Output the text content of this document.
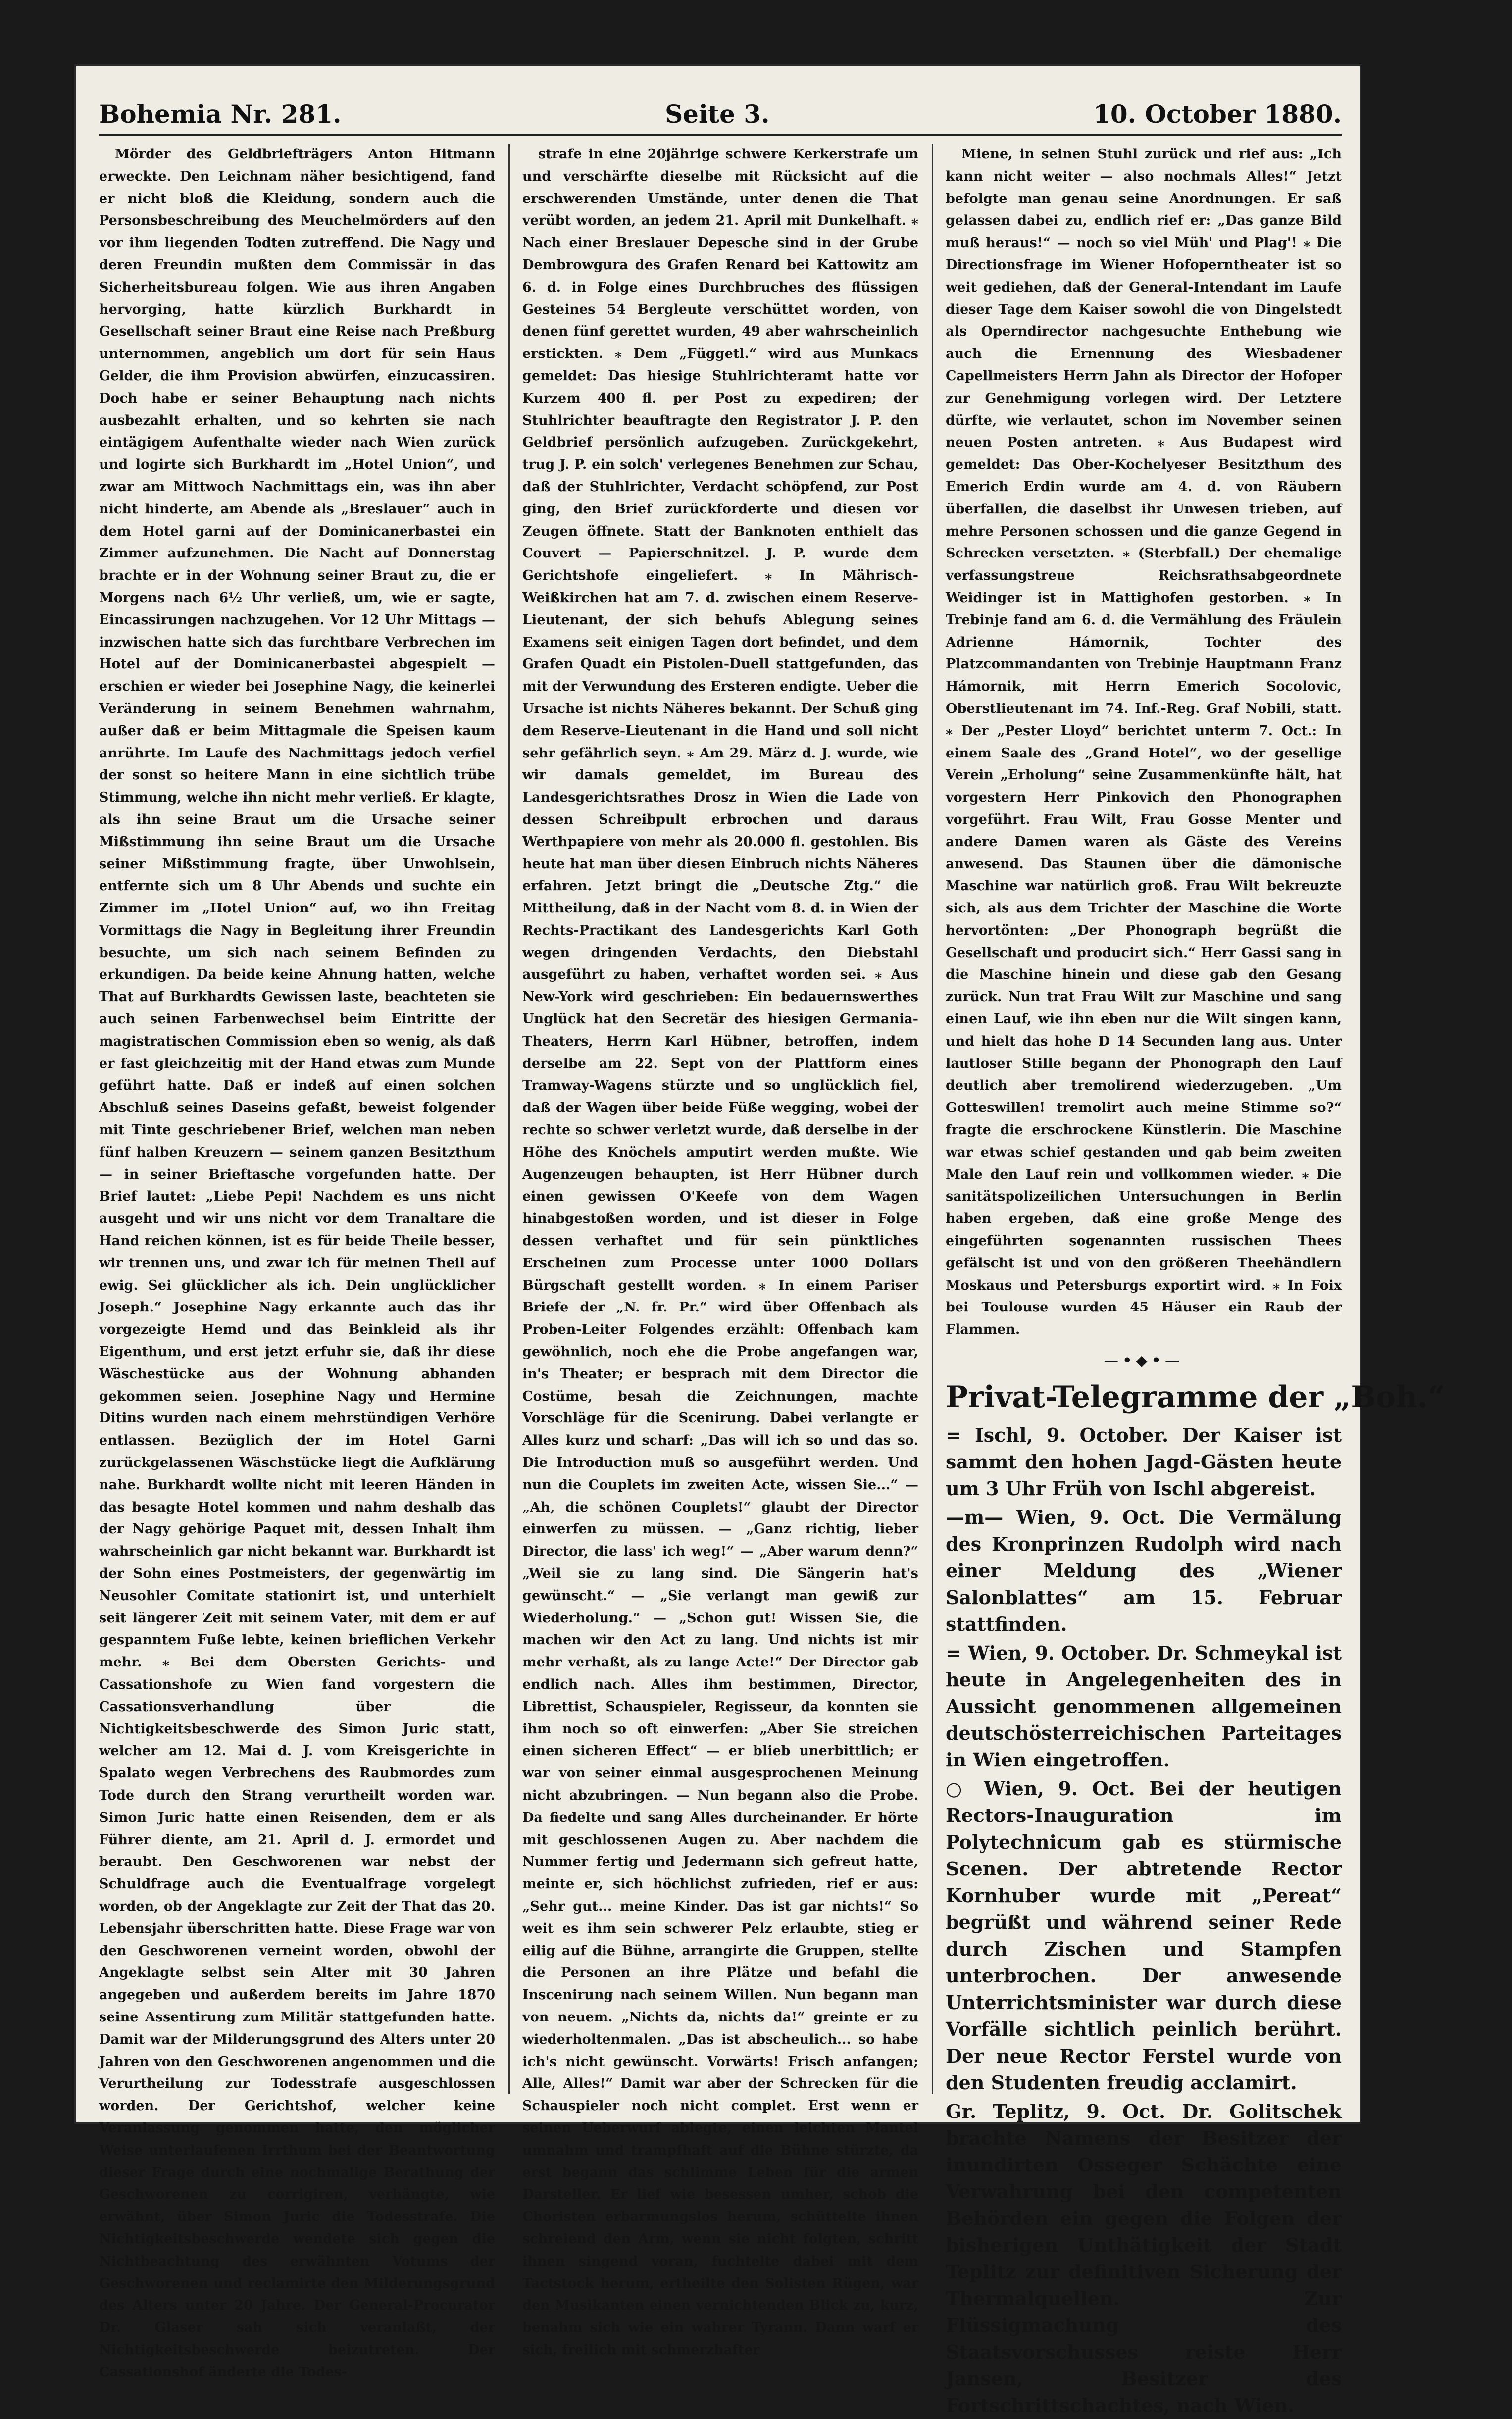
Bohemia Nr. 281.	Seite 3.	10. October 1880.

Mörder des Geldbriefträgers Anton Hitmann erweckte. Den Leichnam näher besichtigend, fand er nicht bloß die Kleidung, sondern auch die Personsbeschreibung des Meuchelmörders auf den vor ihm liegenden Todten zutreffend. Die Nagy und deren Freundin mußten dem Commissär in das Sicherheitsbureau folgen. Wie aus ihren Angaben hervorging, hatte kürzlich Burkhardt in Gesellschaft seiner Braut eine Reise nach Preßburg unternommen, angeblich um dort für sein Haus Gelder, die ihm Provision abwürfen, einzucassiren. Doch habe er seiner Behauptung nach nichts ausbezahlt erhalten, und so kehrten sie nach eintägigem Aufenthalte wieder nach Wien zurück und logirte sich Burkhardt im „Hotel Union“, und zwar am Mittwoch Nachmittags ein, was ihn aber nicht hinderte, am Abende als „Breslauer“ auch in dem Hotel garni auf der Dominicanerbastei ein Zimmer aufzunehmen. Die Nacht auf Donnerstag brachte er in der Wohnung seiner Braut zu, die er Morgens nach 6½ Uhr verließ, um, wie er sagte, Eincassirungen nachzugehen. Vor 12 Uhr Mittags — inzwischen hatte sich das furchtbare Verbrechen im Hotel auf der Dominicanerbastei abgespielt — erschien er wieder bei Josephine Nagy, die keinerlei Veränderung in seinem Benehmen wahrnahm, außer daß er beim Mittagmale die Speisen kaum anrührte. Im Laufe des Nachmittags jedoch verfiel der sonst so heitere Mann in eine sichtlich trübe Stimmung, welche ihn nicht mehr verließ. Er klagte, als ihn seine Braut um die Ursache seiner Mißstimmung ihn seine Braut um die Ursache seiner Mißstimmung fragte, über Unwohlsein, entfernte sich um 8 Uhr Abends und suchte ein Zimmer im „Hotel Union“ auf, wo ihn Freitag Vormittags die Nagy in Begleitung ihrer Freundin besuchte, um sich nach seinem Befinden zu erkundigen. Da beide keine Ahnung hatten, welche That auf Burkhardts Gewissen laste, beachteten sie auch seinen Farbenwechsel beim Eintritte der magistratischen Commission eben so wenig, als daß er fast gleichzeitig mit der Hand etwas zum Munde geführt hatte. Daß er indeß auf einen solchen Abschluß seines Daseins gefaßt, beweist folgender mit Tinte geschriebener Brief, welchen man neben fünf halben Kreuzern — seinem ganzen Besitzthum — in seiner Brieftasche vorgefunden hatte. Der Brief lautet: „Liebe Pepi! Nachdem es uns nicht ausgeht und wir uns nicht vor dem Tranaltare die Hand reichen können, ist es für beide Theile besser, wir trennen uns, und zwar ich für meinen Theil auf ewig. Sei glücklicher als ich. Dein unglücklicher Joseph.“ Josephine Nagy erkannte auch das ihr vorgezeigte Hemd und das Beinkleid als ihr Eigenthum, und erst jetzt erfuhr sie, daß ihr diese Wäschestücke aus der Wohnung abhanden gekommen seien. Josephine Nagy und Hermine Ditins wurden nach einem mehrstündigen Verhöre entlassen. Bezüglich der im Hotel Garni zurückgelassenen Wäschstücke liegt die Aufklärung nahe. Burkhardt wollte nicht mit leeren Händen in das besagte Hotel kommen und nahm deshalb das der Nagy gehörige Paquet mit, dessen Inhalt ihm wahrscheinlich gar nicht bekannt war. Burkhardt ist der Sohn eines Postmeisters, der gegenwärtig im Neusohler Comitate stationirt ist, und unterhielt seit längerer Zeit mit seinem Vater, mit dem er auf gespanntem Fuße lebte, keinen brieflichen Verkehr mehr. ⁎ Bei dem Obersten Gerichts- und Cassationshofe zu Wien fand vorgestern die Cassationsverhandlung über die Nichtigkeitsbeschwerde des Simon Juric statt, welcher am 12. Mai d. J. vom Kreisgerichte in Spalato wegen Verbrechens des Raubmordes zum Tode durch den Strang verurtheilt worden war. Simon Juric hatte einen Reisenden, dem er als Führer diente, am 21. April d. J. ermordet und beraubt. Den Geschworenen war nebst der Schuldfrage auch die Eventualfrage vorgelegt worden, ob der Angeklagte zur Zeit der That das 20. Lebensjahr überschritten hatte. Diese Frage war von den Geschworenen verneint worden, obwohl der Angeklagte selbst sein Alter mit 30 Jahren angegeben und außerdem bereits im Jahre 1870 seine Assentirung zum Militär stattgefunden hatte. Damit war der Milderungsgrund des Alters unter 20 Jahren von den Geschworenen angenommen und die Verurtheilung zur Todesstrafe ausgeschlossen worden. Der Gerichtshof, welcher keine Veranlassung genommen hatte, den möglicher Weise unterlaufenen Irrthum bei der Beantwortung dieser Frage durch eine nochmalige Berathung der Geschworenen zu corrigiren, verhängte, wie erwähnt, über Simon Juric die Todesstrafe. Die Nichtigkeitsbeschwerde wendete sich gegen die Nichtbeachtung des erwähnten Votums der Geschworenen und reclamirte den Milderungsgrund des Alters unter 20 Jahre. Der General-Procurator Dr. Glaser sah sich veranlaßt, der Nichtigkeitsbeschwerde beizutreten. Der Cassationshof änderte die Todes-

strafe in eine 20jährige schwere Kerkerstrafe um und verschärfte dieselbe mit Rücksicht auf die erschwerenden Umstände, unter denen die That verübt worden, an jedem 21. April mit Dunkelhaft. ⁎ Nach einer Breslauer Depesche sind in der Grube Dembrowgura des Grafen Renard bei Kattowitz am 6. d. in Folge eines Durchbruches des flüssigen Gesteines 54 Bergleute verschüttet worden, von denen fünf gerettet wurden, 49 aber wahrscheinlich erstickten. ⁎ Dem „Függetl.“ wird aus Munkacs gemeldet: Das hiesige Stuhlrichteramt hatte vor Kurzem 400 fl. per Post zu expediren; der Stuhlrichter beauftragte den Registrator J. P. den Geldbrief persönlich aufzugeben. Zurückgekehrt, trug J. P. ein solch' verlegenes Benehmen zur Schau, daß der Stuhlrichter, Verdacht schöpfend, zur Post ging, den Brief zurückforderte und diesen vor Zeugen öffnete. Statt der Banknoten enthielt das Couvert — Papierschnitzel. J. P. wurde dem Gerichtshofe eingeliefert. ⁎ In Mährisch-Weißkirchen hat am 7. d. zwischen einem Reserve-Lieutenant, der sich behufs Ablegung seines Examens seit einigen Tagen dort befindet, und dem Grafen Quadt ein Pistolen-Duell stattgefunden, das mit der Verwundung des Ersteren endigte. Ueber die Ursache ist nichts Näheres bekannt. Der Schuß ging dem Reserve-Lieutenant in die Hand und soll nicht sehr gefährlich seyn. ⁎ Am 29. März d. J. wurde, wie wir damals gemeldet, im Bureau des Landesgerichtsrathes Drosz in Wien die Lade von dessen Schreibpult erbrochen und daraus Werthpapiere von mehr als 20.000 fl. gestohlen. Bis heute hat man über diesen Einbruch nichts Näheres erfahren. Jetzt bringt die „Deutsche Ztg.“ die Mittheilung, daß in der Nacht vom 8. d. in Wien der Rechts-Practikant des Landesgerichts Karl Goth wegen dringenden Verdachts, den Diebstahl ausgeführt zu haben, verhaftet worden sei. ⁎ Aus New-York wird geschrieben: Ein bedauernswerthes Unglück hat den Secretär des hiesigen Germania-Theaters, Herrn Karl Hübner, betroffen, indem derselbe am 22. Sept von der Plattform eines Tramway-Wagens stürzte und so unglücklich fiel, daß der Wagen über beide Füße wegging, wobei der rechte so schwer verletzt wurde, daß derselbe in der Höhe des Knöchels amputirt werden mußte. Wie Augenzeugen behaupten, ist Herr Hübner durch einen gewissen O'Keefe von dem Wagen hinabgestoßen worden, und ist dieser in Folge dessen verhaftet und für sein pünktliches Erscheinen zum Processe unter 1000 Dollars Bürgschaft gestellt worden. ⁎ In einem Pariser Briefe der „N. fr. Pr.“ wird über Offenbach als Proben-Leiter Folgendes erzählt: Offenbach kam gewöhnlich, noch ehe die Probe angefangen war, in's Theater; er besprach mit dem Director die Costüme, besah die Zeichnungen, machte Vorschläge für die Scenirung. Dabei verlangte er Alles kurz und scharf: „Das will ich so und das so. Die Introduction muß so ausgeführt werden. Und nun die Couplets im zweiten Acte, wissen Sie...“ — „Ah, die schönen Couplets!“ glaubt der Director einwerfen zu müssen. — „Ganz richtig, lieber Director, die lass' ich weg!“ — „Aber warum denn?“ „Weil sie zu lang sind. Die Sängerin hat's gewünscht.“ — „Sie verlangt man gewiß zur Wiederholung.“ — „Schon gut! Wissen Sie, die machen wir den Act zu lang. Und nichts ist mir mehr verhaßt, als zu lange Acte!“ Der Director gab endlich nach. Alles ihm bestimmen, Director, Librettist, Schauspieler, Regisseur, da konnten sie ihm noch so oft einwerfen: „Aber Sie streichen einen sicheren Effect“ — er blieb unerbittlich; er war von seiner einmal ausgesprochenen Meinung nicht abzubringen. — Nun begann also die Probe. Da fiedelte und sang Alles durcheinander. Er hörte mit geschlossenen Augen zu. Aber nachdem die Nummer fertig und Jedermann sich gefreut hatte, meinte er, sich höchlichst zufrieden, rief er aus: „Sehr gut... meine Kinder. Das ist gar nichts!“ So weit es ihm sein schwerer Pelz erlaubte, stieg er eilig auf die Bühne, arrangirte die Gruppen, stellte die Personen an ihre Plätze und befahl die Inscenirung nach seinem Willen. Nun begann man von neuem. „Nichts da, nichts da!“ greinte er zu wiederholtenmalen. „Das ist abscheulich... so habe ich's nicht gewünscht. Vorwärts! Frisch anfangen; Alle, Alles!“ Damit war aber der Schrecken für die Schauspieler noch nicht complet. Erst wenn er seinen Ueberwurf ablegte, einen leichten Mantel umnahm und trampfhaft auf die Bühne stürzte, da erst begann das schlimme Leben für die armen Darsteller. Er lief wie besessen umher, schob die Choristen erbarmungslos herum, schüttelte ihnen schreiend den Arm, wenn sie nicht folgten, schritt ihnen singend voran, fuchtelte dabei mit dem Tactstock herum, ertheilte den Solisten Rügen, war den Musikanten einen vernichtenden Blick zu, kurz, benahm sich wie ein wahrer Tyrann. Dann warf er sich, freilich mit schmerzhafter

Miene, in seinen Stuhl zurück und rief aus: „Ich kann nicht weiter — also nochmals Alles!“ Jetzt befolgte man genau seine Anordnungen. Er saß gelassen dabei zu, endlich rief er: „Das ganze Bild muß heraus!“ — noch so viel Müh' und Plag'! ⁎ Die Directionsfrage im Wiener Hofoperntheater ist so weit gediehen, daß der General-Intendant im Laufe dieser Tage dem Kaiser sowohl die von Dingelstedt als Operndirector nachgesuchte Enthebung wie auch die Ernennung des Wiesbadener Capellmeisters Herrn Jahn als Director der Hofoper zur Genehmigung vorlegen wird. Der Letztere dürfte, wie verlautet, schon im November seinen neuen Posten antreten. ⁎ Aus Budapest wird gemeldet: Das Ober-Kochelyeser Besitzthum des Emerich Erdin wurde am 4. d. von Räubern überfallen, die daselbst ihr Unwesen trieben, auf mehre Personen schossen und die ganze Gegend in Schrecken versetzten. ⁎ (Sterbfall.) Der ehemalige verfassungstreue Reichsrathsabgeordnete Weidinger ist in Mattighofen gestorben. ⁎ In Trebinje fand am 6. d. die Vermählung des Fräulein Adrienne Hámornik, Tochter des Platzcommandanten von Trebinje Hauptmann Franz Hámornik, mit Herrn Emerich Socolovic, Oberstlieutenant im 74. Inf.-Reg. Graf Nobili, statt. ⁎ Der „Pester Lloyd“ berichtet unterm 7. Oct.: In einem Saale des „Grand Hotel“, wo der gesellige Verein „Erholung“ seine Zusammenkünfte hält, hat vorgestern Herr Pinkovich den Phonographen vorgeführt. Frau Wilt, Frau Gosse Menter und andere Damen waren als Gäste des Vereins anwesend. Das Staunen über die dämonische Maschine war natürlich groß. Frau Wilt bekreuzte sich, als aus dem Trichter der Maschine die Worte hervortönten: „Der Phonograph begrüßt die Gesellschaft und producirt sich.“ Herr Gassi sang in die Maschine hinein und diese gab den Gesang zurück. Nun trat Frau Wilt zur Maschine und sang einen Lauf, wie ihn eben nur die Wilt singen kann, und hielt das hohe D 14 Secunden lang aus. Unter lautloser Stille begann der Phonograph den Lauf deutlich aber tremolirend wiederzugeben. „Um Gotteswillen! tremolirt auch meine Stimme so?“ fragte die erschrockene Künstlerin. Die Maschine war etwas schief gestanden und gab beim zweiten Male den Lauf rein und vollkommen wieder. ⁎ Die sanitätspolizeilichen Untersuchungen in Berlin haben ergeben, daß eine große Menge des eingeführten sogenannten russischen Thees gefälscht ist und von den größeren Theehändlern Moskaus und Petersburgs exportirt wird. ⁎ In Foix bei Toulouse wurden 45 Häuser ein Raub der Flammen.

—•◆•—
Privat-Telegramme der „Boh.“

= Ischl, 9. October. Der Kaiser ist sammt den hohen Jagd-Gästen heute um 3 Uhr Früh von Ischl abgereist.

—m— Wien, 9. Oct. Die Vermälung des Kronprinzen Rudolph wird nach einer Meldung des „Wiener Salonblattes“ am 15. Februar stattfinden.

= Wien, 9. October. Dr. Schmeykal ist heute in Angelegenheiten des in Aussicht genommenen allgemeinen deutschösterreichischen Parteitages in Wien eingetroffen.

○ Wien, 9. Oct. Bei der heutigen Rectors-Inauguration im Polytechnicum gab es stürmische Scenen. Der abtretende Rector Kornhuber wurde mit „Pereat“ begrüßt und während seiner Rede durch Zischen und Stampfen unterbrochen. Der anwesende Unterrichtsminister war durch diese Vorfälle sichtlich peinlich berührt. Der neue Rector Ferstel wurde von den Studenten freudig acclamirt.

Gr. Teplitz, 9. Oct. Dr. Golitschek brachte Namens der Besitzer der inundirten Osseger Schächte eine Verwahrung bei den competenten Behörden ein gegen die Folgen der bisherigen Unthätigkeit der Stadt Teplitz zur definitiven Sicherung der Thermalquellen. Zur Flüssigmachung des Staatsvorschusses reiste Herr Jansen, Besitzer des Fortschrittschachtes, nach Wien.
